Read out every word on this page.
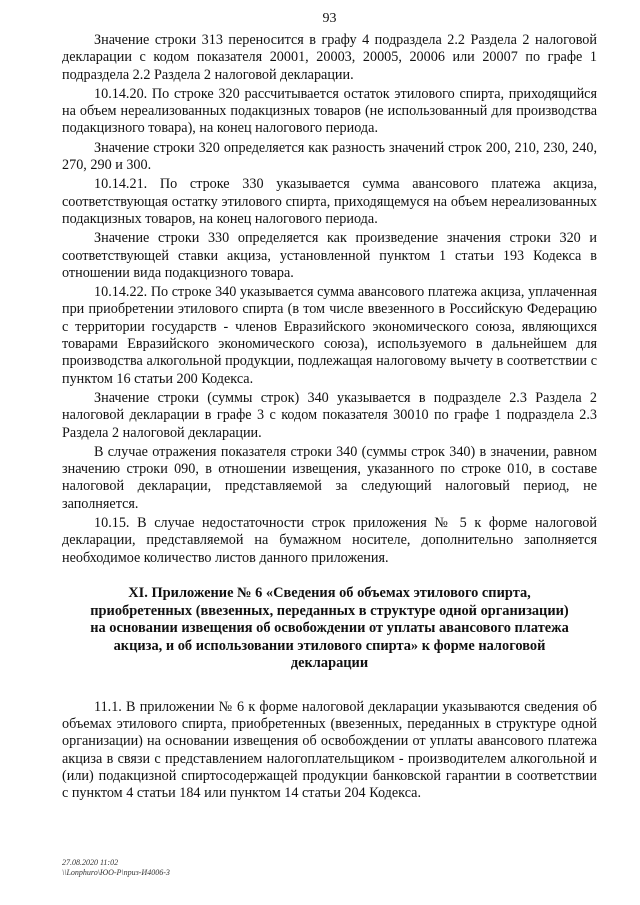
93

Значение строки 313 переносится в графу 4 подраздела 2.2 Раздела 2 налоговой декларации с кодом показателя 20001, 20003, 20005, 20006 или 20007 по графе 1 подраздела 2.2 Раздела 2 налоговой декларации.

10.14.20. По строке 320 рассчитывается остаток этилового спирта, приходящийся на объем нереализованных подакцизных товаров (не использованный для производства подакцизного товара), на конец налогового периода.

Значение строки 320 определяется как разность значений строк 200, 210, 230, 240, 270, 290 и 300.

10.14.21. По строке 330 указывается сумма авансового платежа акциза, соответствующая остатку этилового спирта, приходящемуся на объем нереализованных подакцизных товаров, на конец налогового периода.

Значение строки 330 определяется как произведение значения строки 320 и соответствующей ставки акциза, установленной пунктом 1 статьи 193 Кодекса в отношении вида подакцизного товара.

10.14.22. По строке 340 указывается сумма авансового платежа акциза, уплаченная при приобретении этилового спирта (в том числе ввезенного в Российскую Федерацию с территории государств - членов Евразийского экономического союза, являющихся товарами Евразийского экономического союза), используемого в дальнейшем для производства алкогольной продукции, подлежащая налоговому вычету в соответствии с пунктом 16 статьи 200 Кодекса.

Значение строки (суммы строк) 340 указывается в подразделе 2.3 Раздела 2 налоговой декларации в графе 3 с кодом показателя 30010 по графе 1 подраздела 2.3 Раздела 2 налоговой декларации.

В случае отражения показателя строки 340 (суммы строк 340) в значении, равном значению строки 090, в отношении извещения, указанного по строке 010, в составе налоговой декларации, представляемой за следующий налоговый период, не заполняется.

10.15. В случае недостаточности строк приложения № 5 к форме налоговой декларации, представляемой на бумажном носителе, дополнительно заполняется необходимое количество листов данного приложения.

XI. Приложение № 6 «Сведения об объемах этилового спирта, приобретенных (ввезенных, переданных в структуре одной организации) на основании извещения об освобождении от уплаты авансового платежа акциза, и об использовании этилового спирта» к форме налоговой декларации

11.1. В приложении № 6 к форме налоговой декларации указываются сведения об объемах этилового спирта, приобретенных (ввезенных, переданных в структуре одной организации) на основании извещения об освобождении от уплаты авансового платежа акциза в связи с представлением налогоплательщиком - производителем алкогольной и (или) подакцизной спиртосодержащей продукции банковской гарантии в соответствии с пунктом 4 статьи 184 или пунктом 14 статьи 204 Кодекса.

27.08.2020 11:02
\\Lonphuro\ЮО-Р\приз-И4006-3
